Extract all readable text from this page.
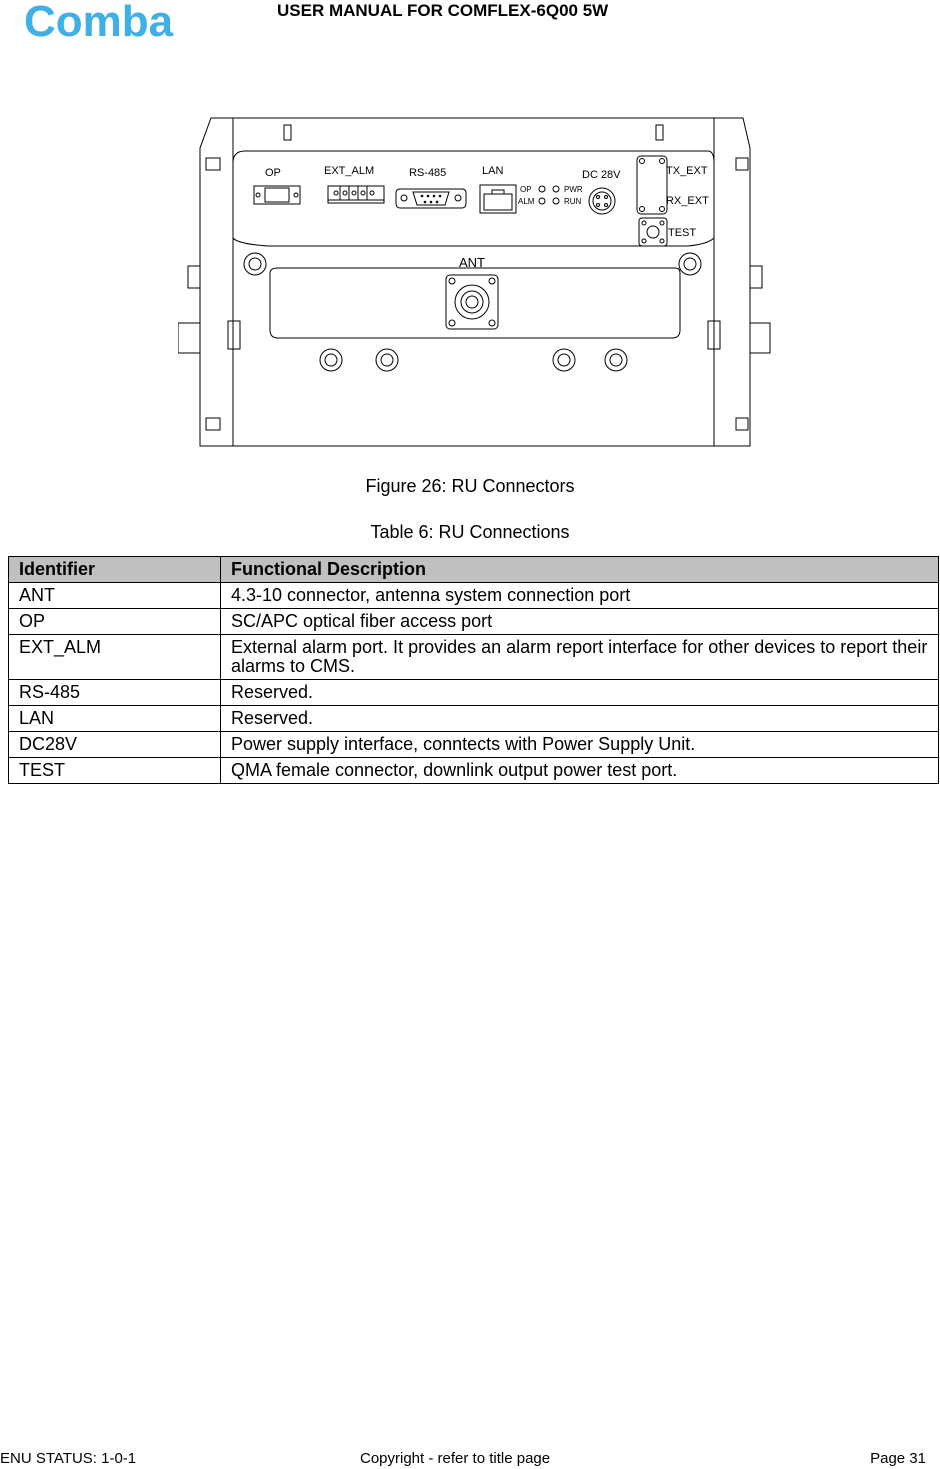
Comba	USER MANUAL FOR COMFLEX-6Q00 5W
OP	EXT_ALM	RS-485	LAN	DC 28V	TX_EXT
RX_EXT
TEST
ANT
OP
ALM
PWR
RUN
Figure 26: RU Connectors
Table 6: RU Connections
Identifier	Functional Description
ANT	4.3-10 connector, antenna system connection port
OP	SC/APC optical fiber access port
EXT_ALM	External alarm port. It provides an alarm report interface for other devices to report their alarms to CMS.
RS-485	Reserved.
LAN	Reserved.
DC28V	Power supply interface, conntects with Power Supply Unit.
TEST	QMA female connector, downlink output power test port.
ENU STATUS: 1-0-1	Copyright - refer to title page	Page 31
